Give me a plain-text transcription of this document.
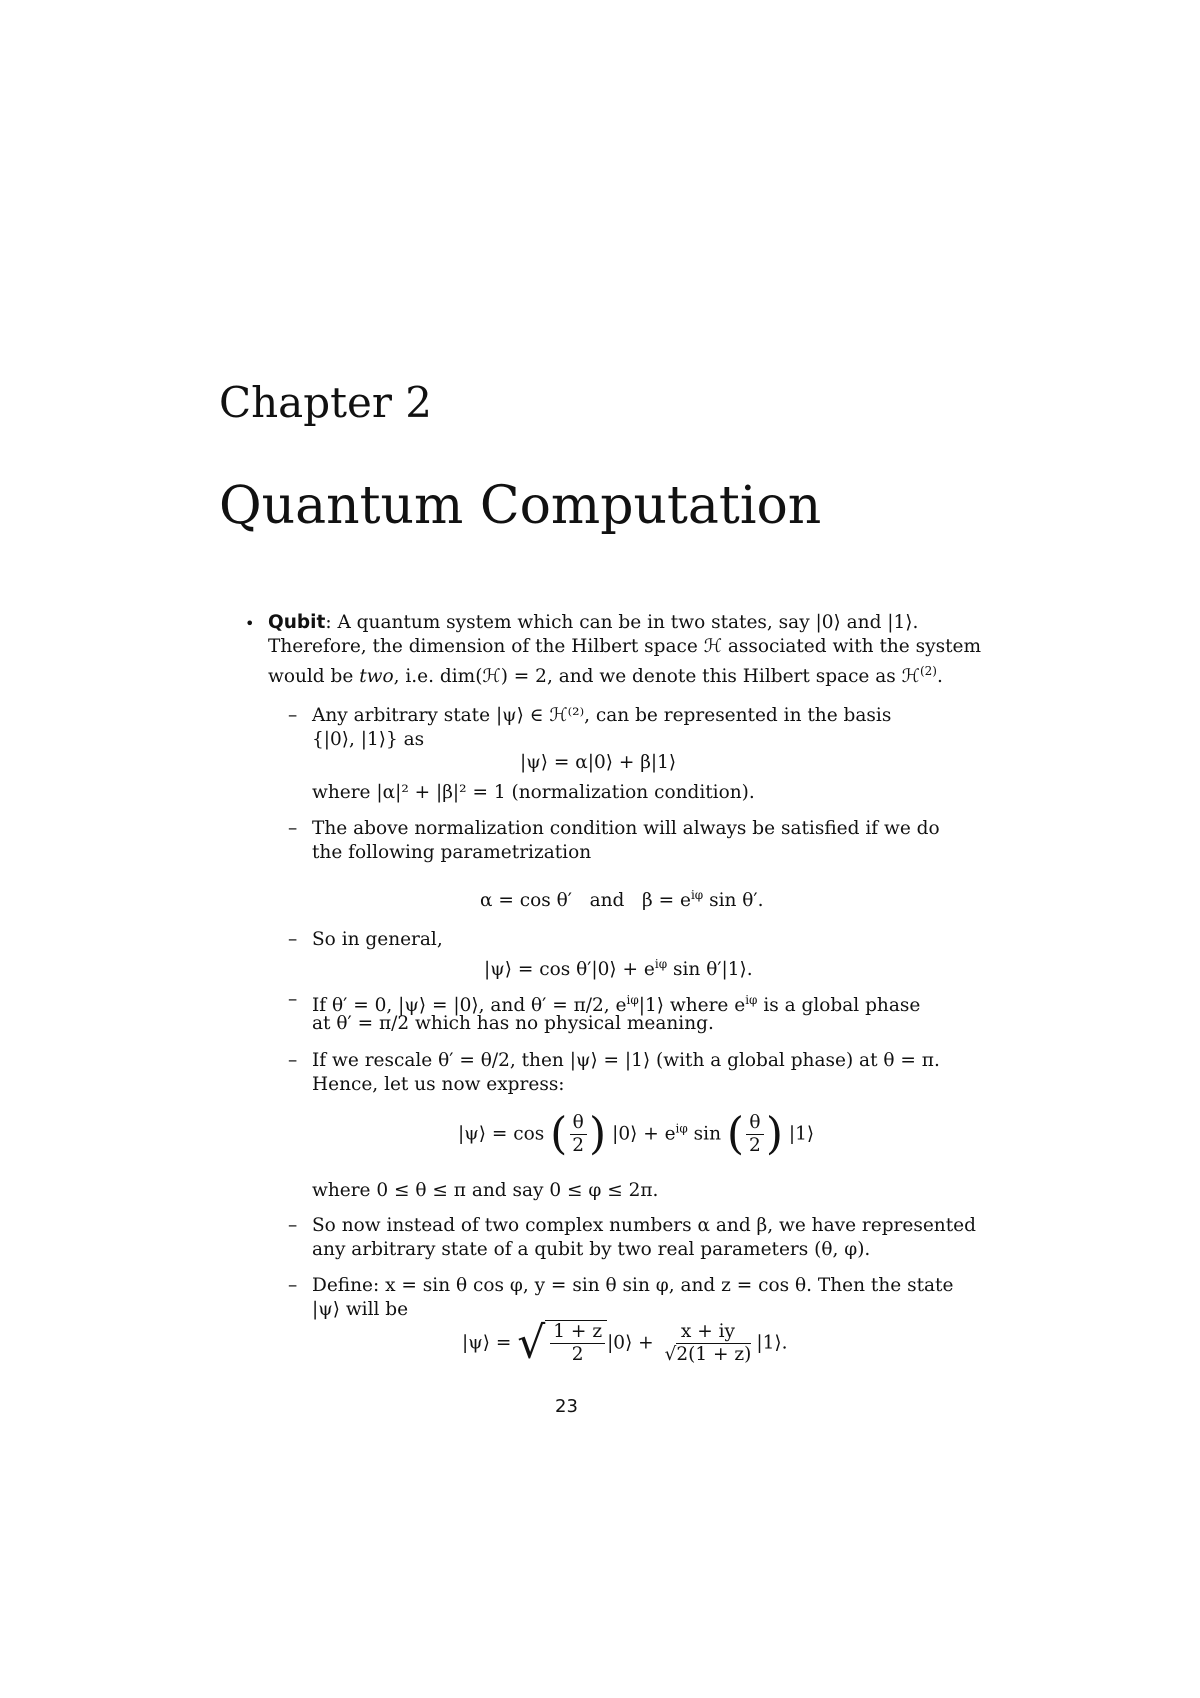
Chapter 2
Quantum Computation
• Qubit: A quantum system which can be in two states, say |0⟩ and |1⟩.
Therefore, the dimension of the Hilbert space ℋ associated with the system
would be two, i.e. dim(ℋ) = 2, and we denote this Hilbert space as ℋ$^{(2)}$.
– Any arbitrary state |ψ⟩ ∈ ℋ⁽²⁾, can be represented in the basis
{|0⟩, |1⟩} as
|ψ⟩ = α|0⟩ + β|1⟩
where |α|² + |β|² = 1 (normalization condition).
– The above normalization condition will always be satisfied if we do
the following parametrization
α = cos θ′   and   $\beta = e^{i\varphi}$ sin θ′.
– So in general,
|ψ⟩ = cos θ′|0⟩ + $e^{i\varphi}$ sin θ′|1⟩.
– If θ′ = 0, |ψ⟩ = |0⟩, and θ′ = π/2, $e^{i\varphi}|1⟩$ where $e^{i\varphi}$ is a global phase
at θ′ = π/2 which has no physical meaning.
– If we rescale θ′ = θ/2, then |ψ⟩ = |1⟩ (with a global phase) at θ = π.
Hence, let us now express:
|ψ⟩ = cos ( $\frac{\theta}{2}$ ) |0⟩ + $e^{i\varphi}$ sin ( $\frac{\theta}{2}$ ) |1⟩
where 0 ≤ θ ≤ π and say 0 ≤ φ ≤ 2π.
– So now instead of two complex numbers α and β, we have represented
any arbitrary state of a qubit by two real parameters (θ, φ).
– Define: x = sin θ cos φ, y = sin θ sin φ, and z = cos θ. Then the state
|ψ⟩ will be
|ψ⟩ = √ $\frac{1 + z}{2}$ |0⟩ + $\frac{x + iy}{√2(1 + z)}$ |1⟩.
23
